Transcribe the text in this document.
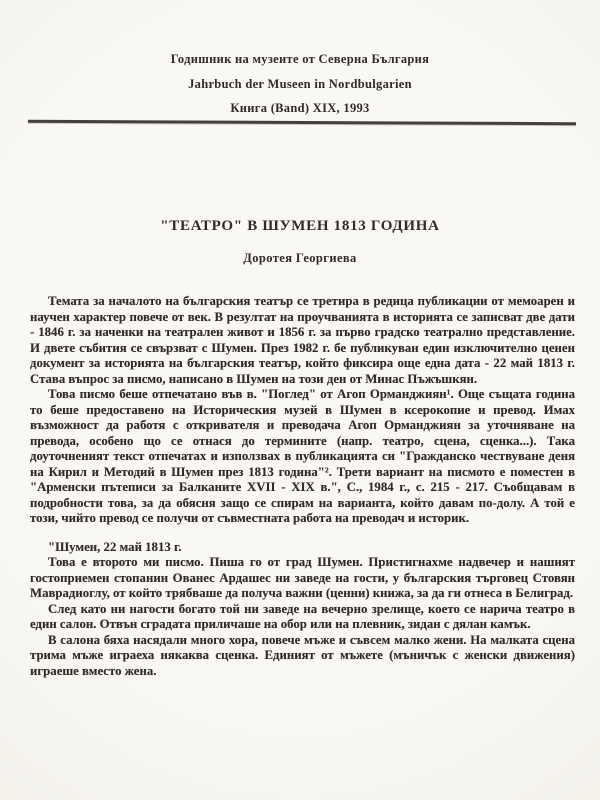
Годишник на музеите от Северна България
Jahrbuch der Museen in Nordbulgarien
Книга (Band) XIX, 1993
"ТЕАТРО" В ШУМЕН 1813 ГОДИНА
Доротея Георгиева

Темата за началото на българския театър се третира в редица публикации от мемоарен и научен характер повече от век. В резултат на проучванията в историята се записват две дати - 1846 г. за наченки на театрален живот и 1856 г. за първо градско театрално представление. И двете събития се свързват с Шумен. През 1982 г. бе публикуван един изключително ценен документ за историята на българския театър, който фиксира още една дата - 22 май 1813 г. Става въпрос за писмо, написано в Шумен на този ден от Минас Пъжъшкян.

Това писмо беше отпечатано във в. "Поглед" от Агоп Орманджиян¹. Още същата година то беше предоставено на Историческия музей в Шумен в ксерокопие и превод. Имах възможност да работя с откривателя и преводача Агоп Орманджиян за уточняване на превода, особено що се отнася до термините (напр. театро, сцена, сценка...). Така доуточненият текст отпечатах и използвах в публикацията си "Гражданско чествуване деня на Кирил и Методий в Шумен през 1813 година"². Трети вариант на писмото е поместен в "Арменски пътеписи за Балканите XVII - XIX в.", С., 1984 г., с. 215 - 217. Съобщавам в подробности това, за да обясня защо се спирам на варианта, който давам по-долу. А той е този, чийто превод се получи от съвместната работа на преводач и историк.

"Шумен, 22 май 1813 г.

Това е второто ми писмо. Пиша го от град Шумен. Пристигнахме надвечер и нашият гостоприемен стопанин Ованес Ардашес ни заведе на гости, у българския търговец Стовян Маврадиоглу, от който трябваше да получа важни (ценни) книжа, за да ги отнеса в Белиград.

След като ни нагости богато той ни заведе на вечерно зрелище, което се нарича театро в един салон. Отвън сградата приличаше на обор или на плевник, зидан с дялан камък.

В салона бяха насядали много хора, повече мъже и съвсем малко жени. На малката сцена трима мъже играеха някаква сценка. Единият от мъжете (мъничък с женски движения) играеше вместо жена.
